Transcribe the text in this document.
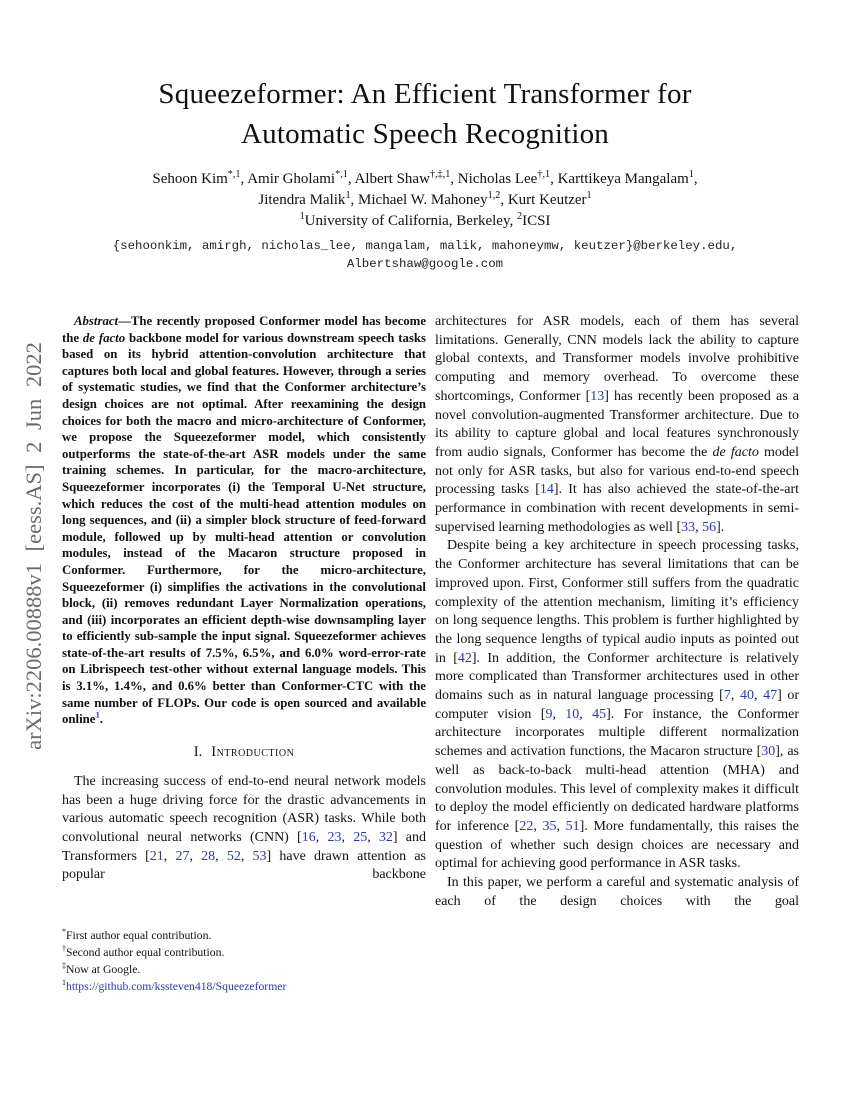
arXiv:2206.00888v1 [eess.AS] 2 Jun 2022
Squeezeformer: An Efficient Transformer for
Automatic Speech Recognition
Sehoon Kim$^{*,1}$, Amir Gholami$^{*,1}$, Albert Shaw$^{\dagger,\ddagger,1}$, Nicholas Lee$^{\dagger,1}$, Karttikeya Mangalam$^1$,
Jitendra Malik$^1$, Michael W. Mahoney$^{1,2}$, Kurt Keutzer$^1$
$^1$University of California, Berkeley, $^2$ICSI
{sehoonkim, amirgh, nicholas_lee, mangalam, malik, mahoneymw, keutzer}@berkeley.edu,
Albertshaw@google.com

Abstract—The recently proposed Conformer model has become the de facto backbone model for various downstream speech tasks based on its hybrid attention-convolution architecture that captures both local and global features. However, through a series of systematic studies, we find that the Conformer architecture’s design choices are not optimal. After reexamining the design choices for both the macro and micro-architecture of Conformer, we propose the Squeezeformer model, which consistently outperforms the state-of-the-art ASR models under the same training schemes. In particular, for the macro-architecture, Squeezeformer incorporates (i) the Temporal U-Net structure, which reduces the cost of the multi-head attention modules on long sequences, and (ii) a simpler block structure of feed-forward module, followed up by multi-head attention or convolution modules, instead of the Macaron structure proposed in Conformer. Furthermore, for the micro-architecture, Squeezeformer (i) simplifies the activations in the convolutional block, (ii) removes redundant Layer Normalization operations, and (iii) incorporates an efficient depth-wise downsampling layer to efficiently sub-sample the input signal. Squeezeformer achieves state-of-the-art results of 7.5%, 6.5%, and 6.0% word-error-rate on Librispeech test-other without external language models. This is 3.1%, 1.4%, and 0.6% better than Conformer-CTC with the same number of FLOPs. Our code is open sourced and available online$^1$.

I. Introduction

The increasing success of end-to-end neural network models has been a huge driving force for the drastic advancements in various automatic speech recognition (ASR) tasks. While both convolutional neural networks (CNN) [16, 23, 25, 32] and Transformers [21, 27, 28, 52, 53] have drawn attention as popular backbone

architectures for ASR models, each of them has several limitations. Generally, CNN models lack the ability to capture global contexts, and Transformer models involve prohibitive computing and memory overhead. To overcome these shortcomings, Conformer [13] has recently been proposed as a novel convolution-augmented Transformer architecture. Due to its ability to capture global and local features synchronously from audio signals, Conformer has become the de facto model not only for ASR tasks, but also for various end-to-end speech processing tasks [14]. It has also achieved the state-of-the-art performance in combination with recent developments in semi-supervised learning methodologies as well [33, 56].

Despite being a key architecture in speech processing tasks, the Conformer architecture has several limitations that can be improved upon. First, Conformer still suffers from the quadratic complexity of the attention mechanism, limiting it’s efficiency on long sequence lengths. This problem is further highlighted by the long sequence lengths of typical audio inputs as pointed out in [42]. In addition, the Conformer architecture is relatively more complicated than Transformer architectures used in other domains such as in natural language processing [7, 40, 47] or computer vision [9, 10, 45]. For instance, the Conformer architecture incorporates multiple different normalization schemes and activation functions, the Macaron structure [30], as well as back-to-back multi-head attention (MHA) and convolution modules. This level of complexity makes it difficult to deploy the model efficiently on dedicated hardware platforms for inference [22, 35, 51]. More fundamentally, this raises the question of whether such design choices are necessary and optimal for achieving good performance in ASR tasks.

In this paper, we perform a careful and systematic analysis of each of the design choices with the goal

*First author equal contribution.

†Second author equal contribution.

‡Now at Google.

$^1$https://github.com/kssteven418/Squeezeformer
